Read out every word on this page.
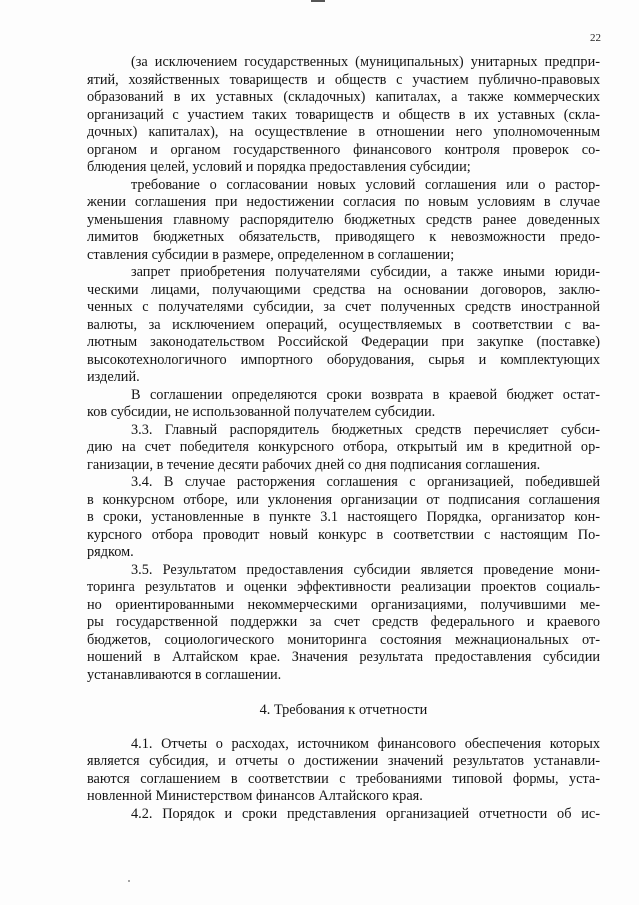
22
(за исключением государственных (муниципальных) унитарных предпри-
ятий, хозяйственных товариществ и обществ с участием публично-правовых
образований в их уставных (складочных) капиталах, а также коммерческих
организаций с участием таких товариществ и обществ в их уставных (скла-
дочных) капиталах), на осуществление в отношении него уполномоченным
органом и органом государственного финансового контроля проверок со-
блюдения целей, условий и порядка предоставления субсидии;
требование о согласовании новых условий соглашения или о растор-
жении соглашения при недостижении согласия по новым условиям в случае
уменьшения главному распорядителю бюджетных средств ранее доведенных
лимитов бюджетных обязательств, приводящего к невозможности предо-
ставления субсидии в размере, определенном в соглашении;
запрет приобретения получателями субсидии, а также иными юриди-
ческими лицами, получающими средства на основании договоров, заклю-
ченных с получателями субсидии, за счет полученных средств иностранной
валюты, за исключением операций, осуществляемых в соответствии с ва-
лютным законодательством Российской Федерации при закупке (поставке)
высокотехнологичного импортного оборудования, сырья и комплектующих
изделий.
В соглашении определяются сроки возврата в краевой бюджет остат-
ков субсидии, не использованной получателем субсидии.
3.3. Главный распорядитель бюджетных средств перечисляет субси-
дию на счет победителя конкурсного отбора, открытый им в кредитной ор-
ганизации, в течение десяти рабочих дней со дня подписания соглашения.
3.4. В случае расторжения соглашения с организацией, победившей
в конкурсном отборе, или уклонения организации от подписания соглашения
в сроки, установленные в пункте 3.1 настоящего Порядка, организатор кон-
курсного отбора проводит новый конкурс в соответствии с настоящим По-
рядком.
3.5. Результатом предоставления субсидии является проведение мони-
торинга результатов и оценки эффективности реализации проектов социаль-
но ориентированными некоммерческими организациями, получившими ме-
ры государственной поддержки за счет средств федерального и краевого
бюджетов, социологического мониторинга состояния межнациональных от-
ношений в Алтайском крае. Значения результата предоставления субсидии
устанавливаются в соглашении.
4. Требования к отчетности
4.1. Отчеты о расходах, источником финансового обеспечения которых
является субсидия, и отчеты о достижении значений результатов устанавли-
ваются соглашением в соответствии с требованиями типовой формы, уста-
новленной Министерством финансов Алтайского края.
4.2. Порядок и сроки представления организацией отчетности об ис-
